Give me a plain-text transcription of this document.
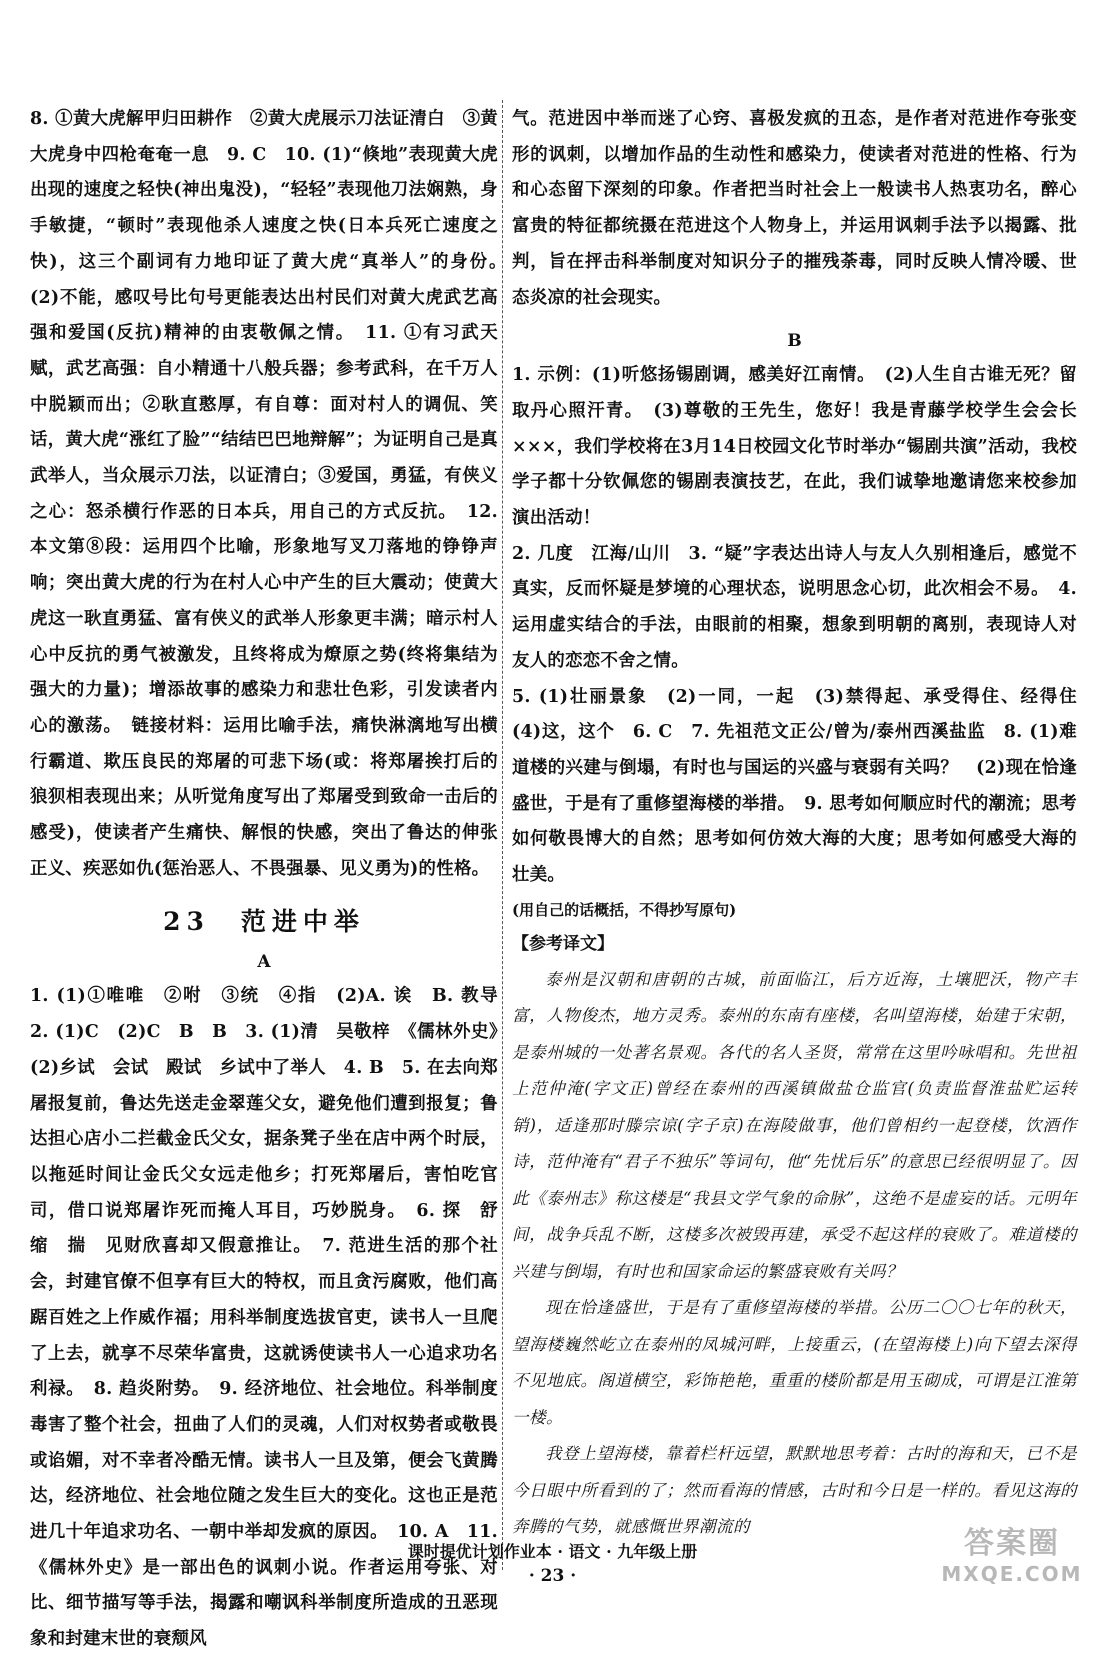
8. ①黄大虎解甲归田耕作　②黄大虎展示刀法证清白　③黄大虎身中四枪奄奄一息　9. C　10. (1)“倏地”表现黄大虎出现的速度之轻快(神出鬼没)，“轻轻”表现他刀法娴熟，身手敏捷，“顿时”表现他杀人速度之快(日本兵死亡速度之快)，这三个副词有力地印证了黄大虎“真举人”的身份。　(2)不能，感叹号比句号更能表达出村民们对黄大虎武艺高强和爱国(反抗)精神的由衷敬佩之情。　11. ①有习武天赋，武艺高强：自小精通十八般兵器；参考武科，在千万人中脱颖而出；②耿直憨厚，有自尊：面对村人的调侃、笑话，黄大虎“涨红了脸”“结结巴巴地辩解”；为证明自己是真武举人，当众展示刀法，以证清白；③爱国，勇猛，有侠义之心：怒杀横行作恶的日本兵，用自己的方式反抗。　12. 本文第⑧段：运用四个比喻，形象地写叉刀落地的铮铮声响；突出黄大虎的行为在村人心中产生的巨大震动；使黄大虎这一耿直勇猛、富有侠义的武举人形象更丰满；暗示村人心中反抗的勇气被激发，且终将成为燎原之势(终将集结为强大的力量)；增添故事的感染力和悲壮色彩，引发读者内心的激荡。　链接材料：运用比喻手法，痛快淋漓地写出横行霸道、欺压良民的郑屠的可悲下场(或：将郑屠挨打后的狼狈相表现出来；从听觉角度写出了郑屠受到致命一击后的感受)，使读者产生痛快、解恨的快感，突出了鲁达的伸张正义、疾恶如仇(惩治恶人、不畏强暴、见义勇为)的性格。

23　范进中举

A

1. (1)①唯唯　②咐　③统　④指　(2)A. 诶　B. 教导　2. (1)C　(2)C　B　B　3. (1)清　吴敬梓　《儒林外史》　(2)乡试　会试　殿试　乡试中了举人　4. B　5. 在去向郑屠报复前，鲁达先送走金翠莲父女，避免他们遭到报复；鲁达担心店小二拦截金氏父女，据条凳子坐在店中两个时辰，以拖延时间让金氏父女远走他乡；打死郑屠后，害怕吃官司，借口说郑屠诈死而掩人耳目，巧妙脱身。　6. 探　舒　缩　揣　见财欣喜却又假意推让。　7. 范进生活的那个社会，封建官僚不但享有巨大的特权，而且贪污腐败，他们高踞百姓之上作威作福；用科举制度选拔官吏，读书人一旦爬了上去，就享不尽荣华富贵，这就诱使读书人一心追求功名利禄。　8. 趋炎附势。　9. 经济地位、社会地位。科举制度毒害了整个社会，扭曲了人们的灵魂，人们对权势者或敬畏或谄媚，对不幸者冷酷无情。读书人一旦及第，便会飞黄腾达，经济地位、社会地位随之发生巨大的变化。这也正是范进几十年追求功名、一朝中举却发疯的原因。　10. A　11. 《儒林外史》是一部出色的讽刺小说。作者运用夸张、对比、细节描写等手法，揭露和嘲讽科举制度所造成的丑恶现象和封建末世的衰颓风

气。范进因中举而迷了心窍、喜极发疯的丑态，是作者对范进作夸张变形的讽刺，以增加作品的生动性和感染力，使读者对范进的性格、行为和心态留下深刻的印象。作者把当时社会上一般读书人热衷功名，醉心富贵的特征都统摄在范进这个人物身上，并运用讽刺手法予以揭露、批判，旨在抨击科举制度对知识分子的摧残荼毒，同时反映人情冷暖、世态炎凉的社会现实。

B

1. 示例：(1)听悠扬锡剧调，感美好江南情。　(2)人生自古谁无死？留取丹心照汗青。　(3)尊敬的王先生，您好！我是青藤学校学生会会长×××，我们学校将在3月14日校园文化节时举办“锡剧共演”活动，我校学子都十分钦佩您的锡剧表演技艺，在此，我们诚挚地邀请您来校参加演出活动！

2. 几度　江海/山川　3. “疑”字表达出诗人与友人久别相逢后，感觉不真实，反而怀疑是梦境的心理状态，说明思念心切，此次相会不易。　4. 运用虚实结合的手法，由眼前的相聚，想象到明朝的离别，表现诗人对友人的恋恋不舍之情。

5. (1)壮丽景象　(2)一同，一起　(3)禁得起、承受得住、经得住　(4)这，这个　6. C　7. 先祖范文正公/曾为/泰州西溪盐监　8. (1)难道楼的兴建与倒塌，有时也与国运的兴盛与衰弱有关吗？　(2)现在恰逢盛世，于是有了重修望海楼的举措。　9. 思考如何顺应时代的潮流；思考如何敬畏博大的自然；思考如何仿效大海的大度；思考如何感受大海的壮美。

(用自己的话概括，不得抄写原句)

【参考译文】

泰州是汉朝和唐朝的古城，前面临江，后方近海，土壤肥沃，物产丰富，人物俊杰，地方灵秀。泰州的东南有座楼，名叫望海楼，始建于宋朝，是泰州城的一处著名景观。各代的名人圣贤，常常在这里吟咏唱和。先世祖上范仲淹(字文正)曾经在泰州的西溪镇做盐仓监官(负责监督淮盐贮运转销)，适逢那时滕宗谅(字子京)在海陵做事，他们曾相约一起登楼，饮酒作诗，范仲淹有“君子不独乐”等词句，他“先忧后乐”的意思已经很明显了。因此《泰州志》称这楼是“我县文学气象的命脉”，这绝不是虚妄的话。元明年间，战争兵乱不断，这楼多次被毁再建，承受不起这样的衰败了。难道楼的兴建与倒塌，有时也和国家命运的繁盛衰败有关吗？

现在恰逢盛世，于是有了重修望海楼的举措。公历二〇〇七年的秋天，望海楼巍然屹立在泰州的凤城河畔，上接重云，(在望海楼上)向下望去深得不见地底。阁道横空，彩饰艳艳，重重的楼阶都是用玉砌成，可谓是江淮第一楼。

我登上望海楼，靠着栏杆远望，默默地思考着：古时的海和天，已不是今日眼中所看到的了；然而看海的情感，古时和今日是一样的。看见这海的奔腾的气势，就感慨世界潮流的

课时提优计划作业本 · 语文 · 九年级上册
· 23 ·
答案圈
MXQE.COM
